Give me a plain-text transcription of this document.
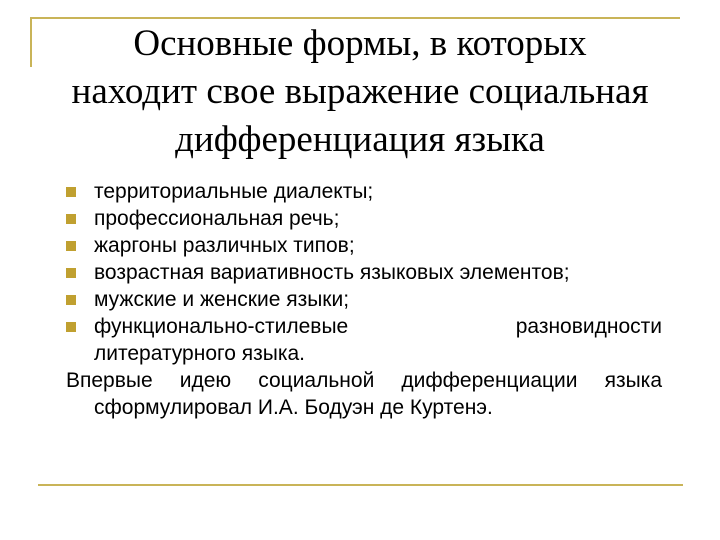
Основные формы, в которых
находит свое выражение социальная
дифференциация языка
территориальные диалекты;
профессиональная речь;
жаргоны различных типов;
возрастная вариативность языковых элементов;
мужские и женские языки;
функционально-стилевые разновидности
литературного языка.
Впервые идею социальной дифференциации языка
сформулировал И.А. Бодуэн де Куртенэ.
